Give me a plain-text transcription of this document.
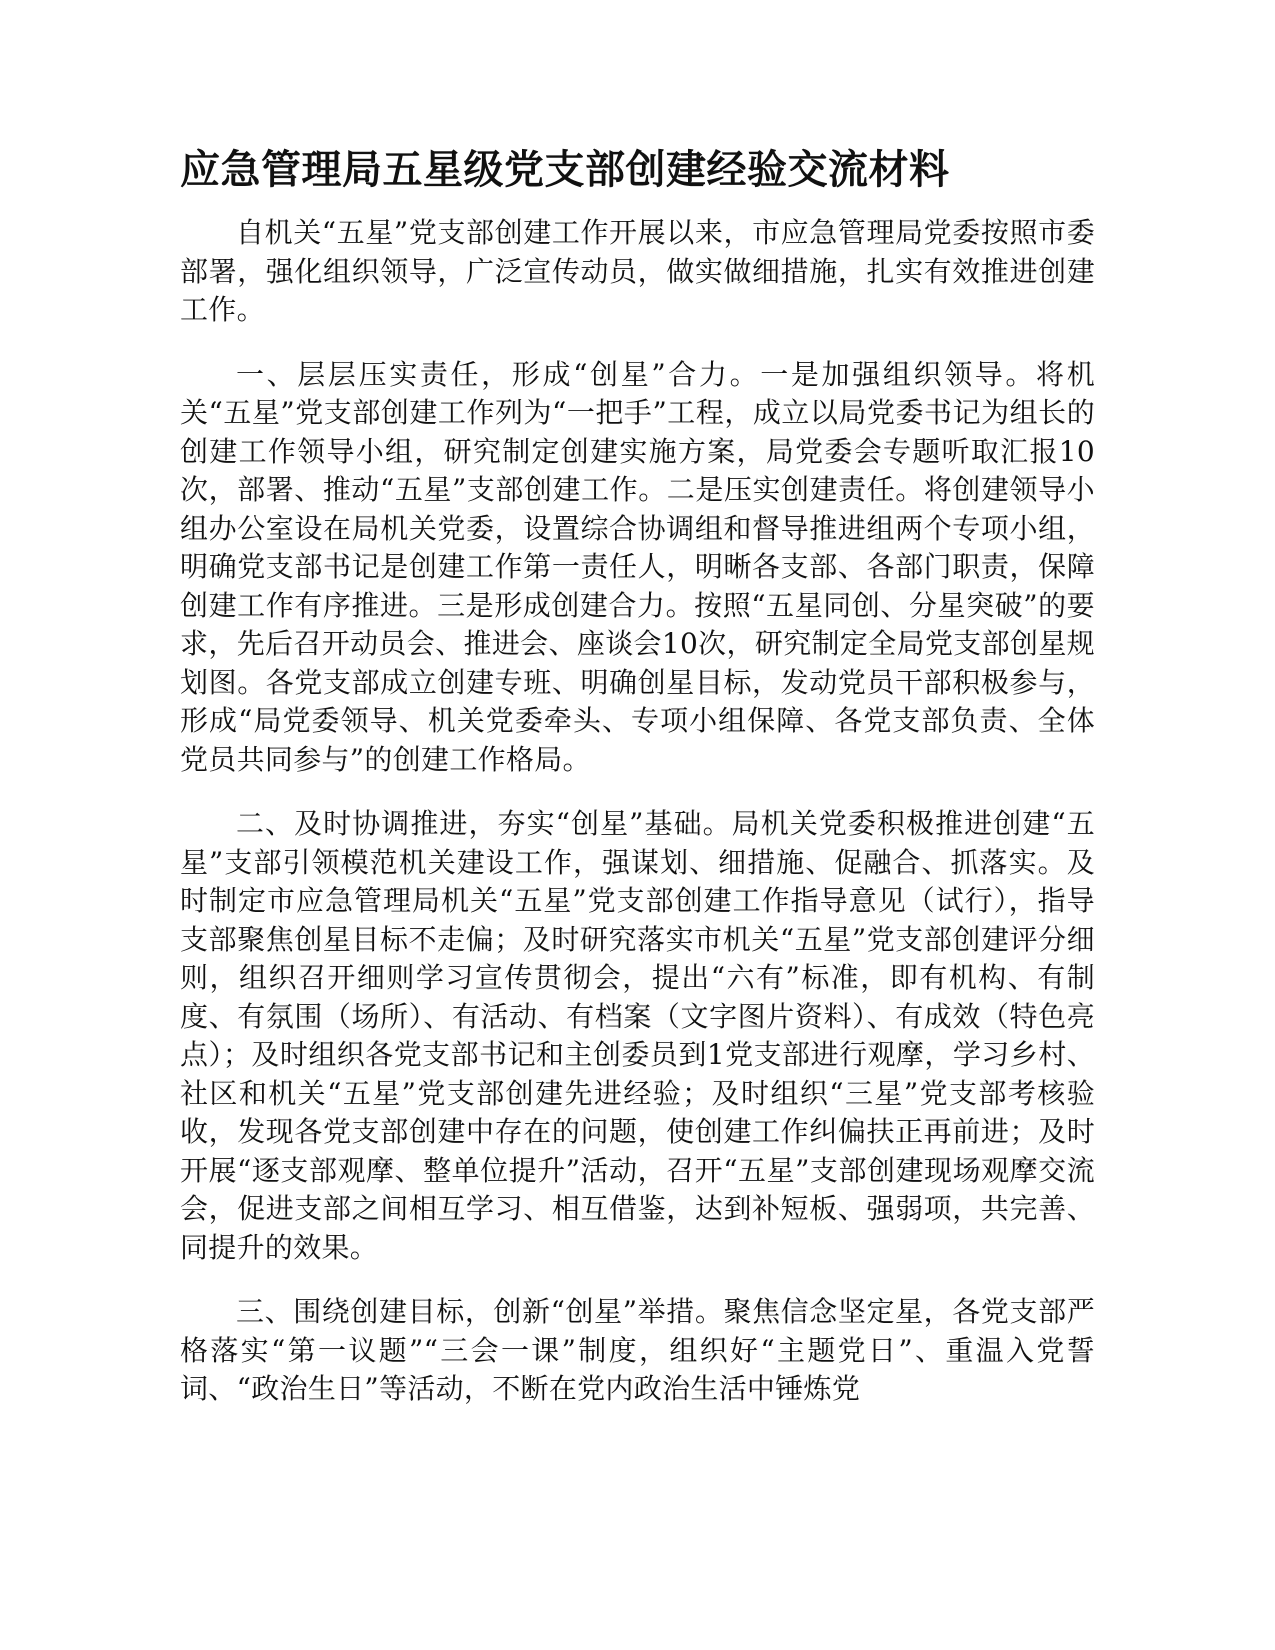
应急管理局五星级党支部创建经验交流材料

自机关“五星”党支部创建工作开展以来，市应急管理局党委按照市委部署，强化组织领导，广泛宣传动员，做实做细措施，扎实有效推进创建工作。

一、层层压实责任，形成“创星”合力。一是加强组织领导。将机关“五星”党支部创建工作列为“一把手”工程，成立以局党委书记为组长的创建工作领导小组，研究制定创建实施方案，局党委会专题听取汇报10次，部署、推动“五星”支部创建工作。二是压实创建责任。将创建领导小组办公室设在局机关党委，设置综合协调组和督导推进组两个专项小组，明确党支部书记是创建工作第一责任人，明晰各支部、各部门职责，保障创建工作有序推进。三是形成创建合力。按照“五星同创、分星突破”的要求，先后召开动员会、推进会、座谈会10次，研究制定全局党支部创星规划图。各党支部成立创建专班、明确创星目标，发动党员干部积极参与，形成“局党委领导、机关党委牵头、专项小组保障、各党支部负责、全体党员共同参与”的创建工作格局。

二、及时协调推进，夯实“创星”基础。局机关党委积极推进创建“五星”支部引领模范机关建设工作，强谋划、细措施、促融合、抓落实。及时制定市应急管理局机关“五星”党支部创建工作指导意见（试行），指导支部聚焦创星目标不走偏；及时研究落实市机关“五星”党支部创建评分细则，组织召开细则学习宣传贯彻会，提出“六有”标准，即有机构、有制度、有氛围（场所）、有活动、有档案（文字图片资料）、有成效（特色亮点）；及时组织各党支部书记和主创委员到1党支部进行观摩，学习乡村、社区和机关“五星”党支部创建先进经验；及时组织“三星”党支部考核验收，发现各党支部创建中存在的问题，使创建工作纠偏扶正再前进；及时开展“逐支部观摩、整单位提升”活动，召开“五星”支部创建现场观摩交流会，促进支部之间相互学习、相互借鉴，达到补短板、强弱项，共完善、同提升的效果。

三、围绕创建目标，创新“创星”举措。聚焦信念坚定星，各党支部严格落实“第一议题”“三会一课”制度，组织好“主题党日”、重温入党誓词、“政治生日”等活动，不断在党内政治生活中锤炼党
